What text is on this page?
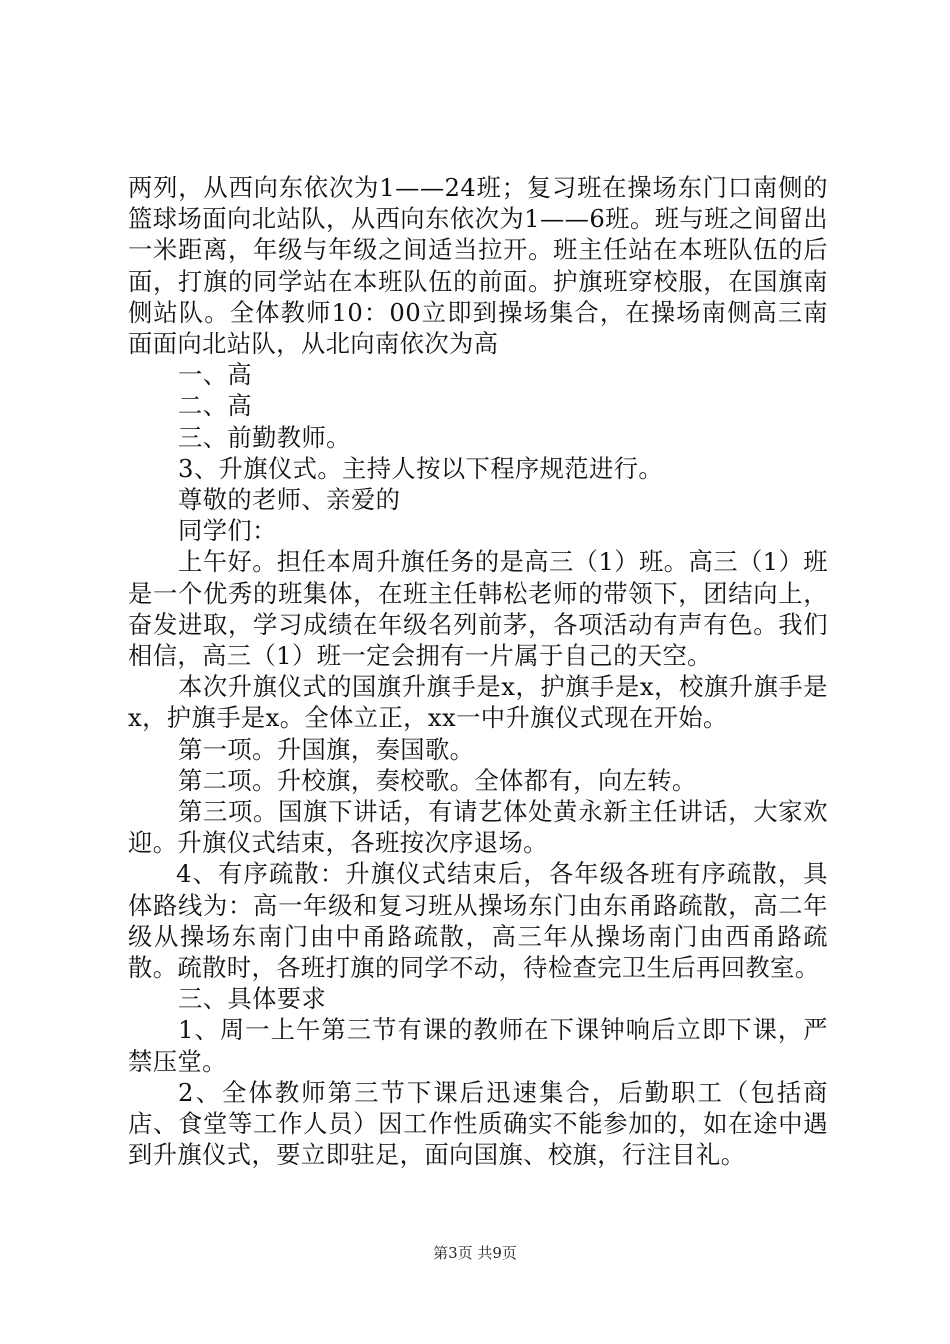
两列，从西向东依次为1——24班；复习班在操场东门口南侧的篮球场面向北站队，从西向东依次为1——6班。班与班之间留出一米距离，年级与年级之间适当拉开。班主任站在本班队伍的后面，打旗的同学站在本班队伍的前面。护旗班穿校服，在国旗南侧站队。全体教师10：00立即到操场集合，在操场南侧高三南面面向北站队，从北向南依次为高

一、高

二、高

三、前勤教师。

3、升旗仪式。主持人按以下程序规范进行。

尊敬的老师、亲爱的

同学们：

上午好。担任本周升旗任务的是高三（1）班。高三（1）班是一个优秀的班集体，在班主任韩松老师的带领下，团结向上，奋发进取，学习成绩在年级名列前茅，各项活动有声有色。我们相信，高三（1）班一定会拥有一片属于自己的天空。

本次升旗仪式的国旗升旗手是x，护旗手是x，校旗升旗手是x，护旗手是x。全体立正，xx一中升旗仪式现在开始。

第一项。升国旗，奏国歌。

第二项。升校旗，奏校歌。全体都有，向左转。

第三项。国旗下讲话，有请艺体处黄永新主任讲话，大家欢迎。升旗仪式结束，各班按次序退场。

4、有序疏散：升旗仪式结束后，各年级各班有序疏散，具体路线为：高一年级和复习班从操场东门由东甬路疏散，高二年级从操场东南门由中甬路疏散，高三年从操场南门由西甬路疏散。疏散时，各班打旗的同学不动，待检查完卫生后再回教室。

三、具体要求

1、周一上午第三节有课的教师在下课钟响后立即下课，严禁压堂。

2、全体教师第三节下课后迅速集合，后勤职工（包括商店、食堂等工作人员）因工作性质确实不能参加的，如在途中遇到升旗仪式，要立即驻足，面向国旗、校旗，行注目礼。

第3页 共9页
